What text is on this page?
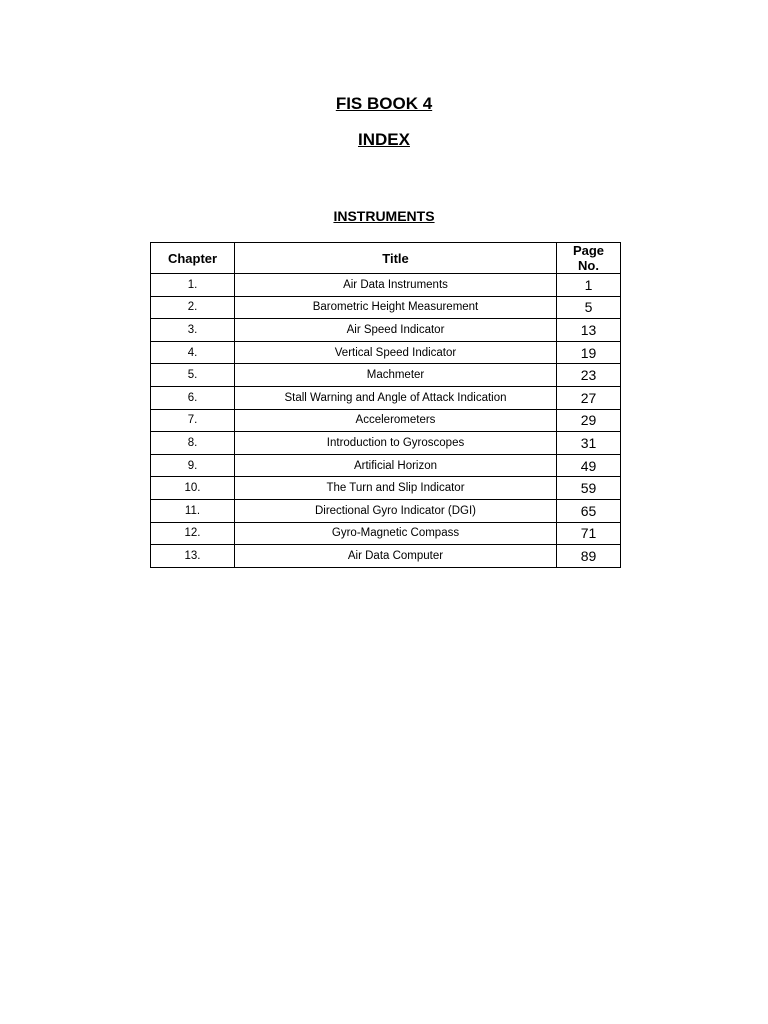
FIS BOOK 4
INDEX
INSTRUMENTS
Chapter	Title	Page
No.
1.	Air Data Instruments	1
2.	Barometric Height Measurement	5
3.	Air Speed Indicator	13
4.	Vertical Speed Indicator	19
5.	Machmeter	23
6.	Stall Warning and Angle of Attack Indication	27
7.	Accelerometers	29
8.	Introduction to Gyroscopes	31
9.	Artificial Horizon	49
10.	The Turn and Slip Indicator	59
11.	Directional Gyro Indicator (DGI)	65
12.	Gyro-Magnetic Compass	71
13.	Air Data Computer	89
